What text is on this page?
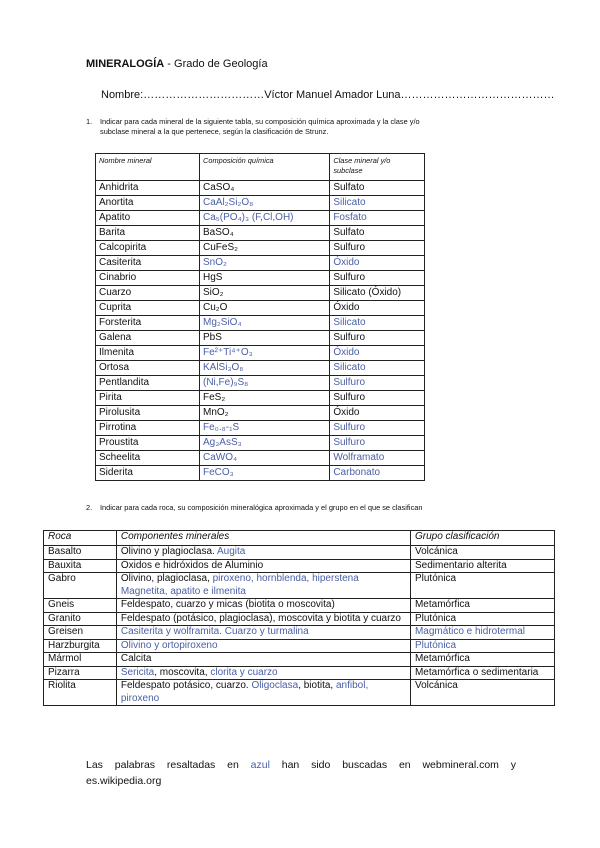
MINERALOGÍA - Grado de Geología
Nombre:……………………………Víctor Manuel Amador Luna……………………………………
1. Indicar para cada mineral de la siguiente tabla, su composición química aproximada y la clase y/o
subclase mineral a la que pertenece, según la clasificación de Strunz.
Nombre mineral	Composición química	Clase mineral y/o subclase
Anhidrita	CaSO₄	Sulfato
Anortita	CaAl₂Si₂O₈	Silicato
Apatito	Ca₅(PO₄)₃ (F,Cl,OH)	Fosfato
Barita	BaSO₄	Sulfato
Calcopirita	CuFeS₂	Sulfuro
Casiterita	SnO₂	Óxido
Cinabrio	HgS	Sulfuro
Cuarzo	SiO₂	Silicato (Óxido)
Cuprita	Cu₂O	Óxido
Forsterita	Mg₂SiO₄	Silicato
Galena	PbS	Sulfuro
Ilmenita	Fe²⁺Ti⁴⁺O₃	Óxido
Ortosa	KAlSi₃O₈	Silicato
Pentlandita	(Ni,Fe)₉S₈	Sulfuro
Pirita	FeS₂	Sulfuro
Pirolusita	MnO₂	Óxido
Pirrotina	Fe₀.₈-₁S	Sulfuro
Proustita	Ag₃AsS₃	Sulfuro
Scheelita	CaWO₄	Wolframato
Siderita	FeCO₃	Carbonato
2. Indicar para cada roca, su composición mineralógica aproximada y el grupo en el que se clasifican
Roca	Componentes minerales	Grupo clasificación
Basalto	Olivino y plagioclasa. Augita	Volcánica
Bauxita	Óxidos e hidróxidos de Aluminio	Sedimentario alterita
Gabro	Olivino, plagioclasa, piroxeno, hornblenda, hiperstena Magnetita, apatito e ilmenita	Plutónica
Gneis	Feldespato, cuarzo y micas (biotita o moscovita)	Metamórfica
Granito	Feldespato (potásico, plagioclasa), moscovita y biotita y cuarzo	Plutónica
Greisen	Casiterita y wolframita. Cuarzo y turmalina	Magmático e hidrotermal
Harzburgita	Olivino y ortopiroxeno	Plutónica
Mármol	Calcita	Metamórfica
Pizarra	Sericita, moscovita, clorita y cuarzo	Metamórfica o sedimentaria
Riolita	Feldespato potásico, cuarzo. Oligoclasa, biotita, anfibol, piroxeno	Volcánica
Las palabras resaltadas en azul han sido buscadas en webmineral.com y
es.wikipedia.org
